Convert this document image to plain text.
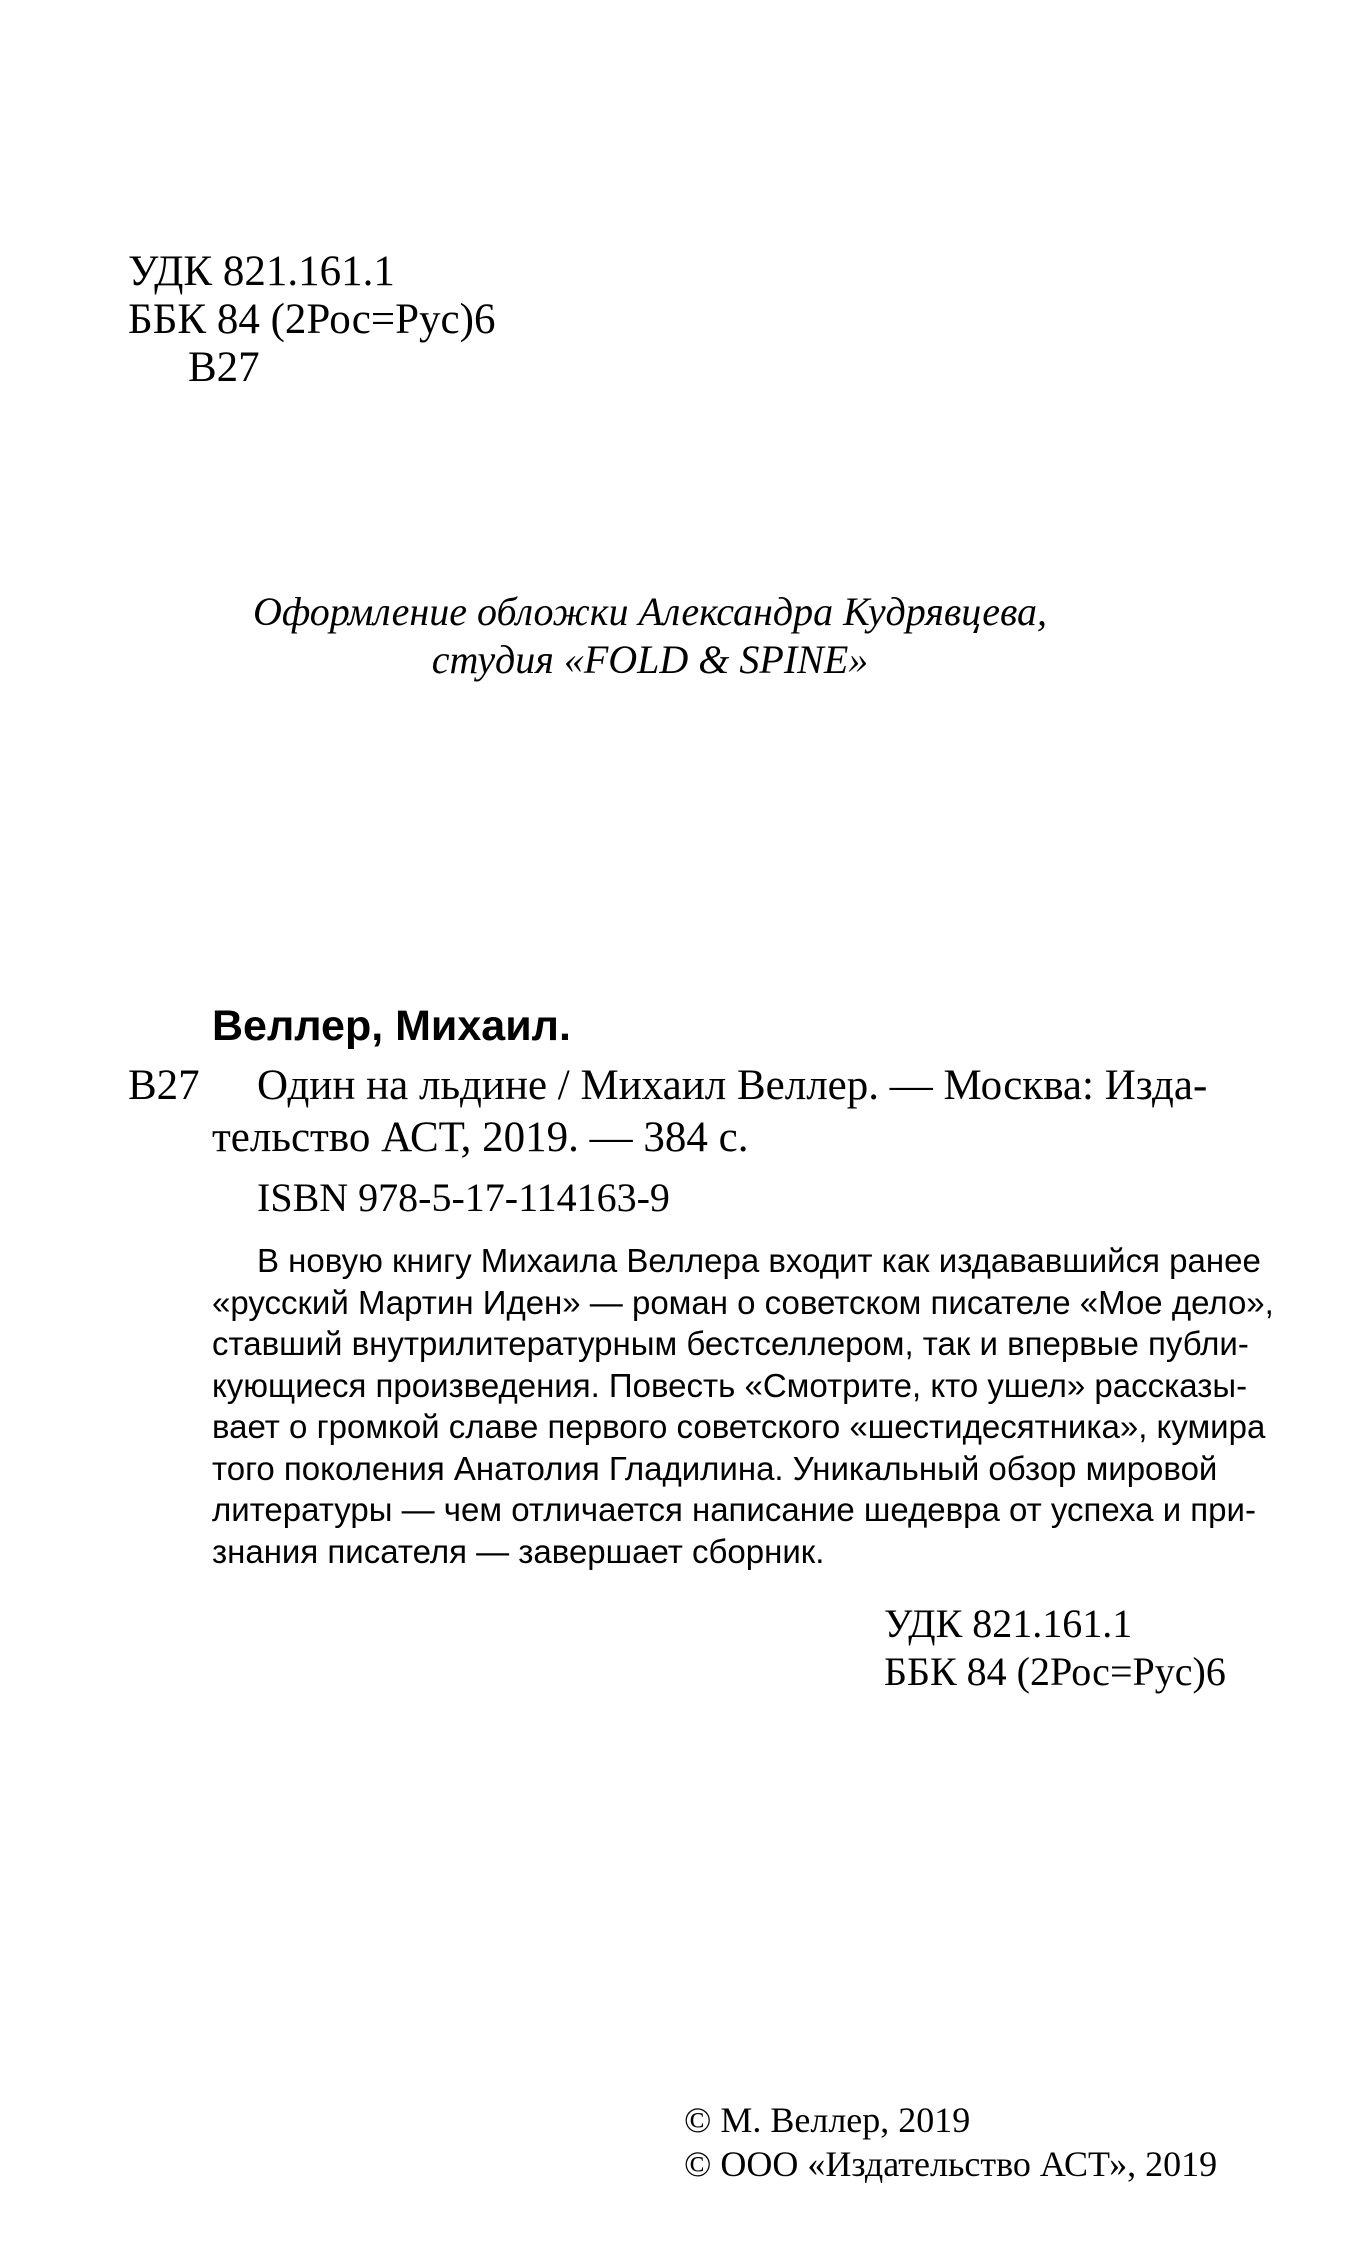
УДК 821.161.1
ББК 84 (2Рос=Рус)6
В27
Оформление обложки Александра Кудрявцева,
студия «FOLD & SPINE»
Веллер, Михаил.
В27	Один на льдине / Михаил Веллер. — Москва: Изда-
тельство АСТ, 2019. — 384 с.
ISBN 978-5-17-114163-9
В новую книгу Михаила Веллера входит как издававшийся ранее
«русский Мартин Иден» — роман о советском писателе «Мое дело»,
ставший внутрилитературным бестселлером, так и впервые публи-
кующиеся произведения. Повесть «Смотрите, кто ушел» рассказы-
вает о громкой славе первого советского «шестидесятника», кумира
того поколения Анатолия Гладилина. Уникальный обзор мировой
литературы — чем отличается написание шедевра от успеха и при-
знания писателя — завершает сборник.
УДК 821.161.1
ББК 84 (2Рос=Рус)6
© М. Веллер, 2019
© ООО «Издательство АСТ», 2019
